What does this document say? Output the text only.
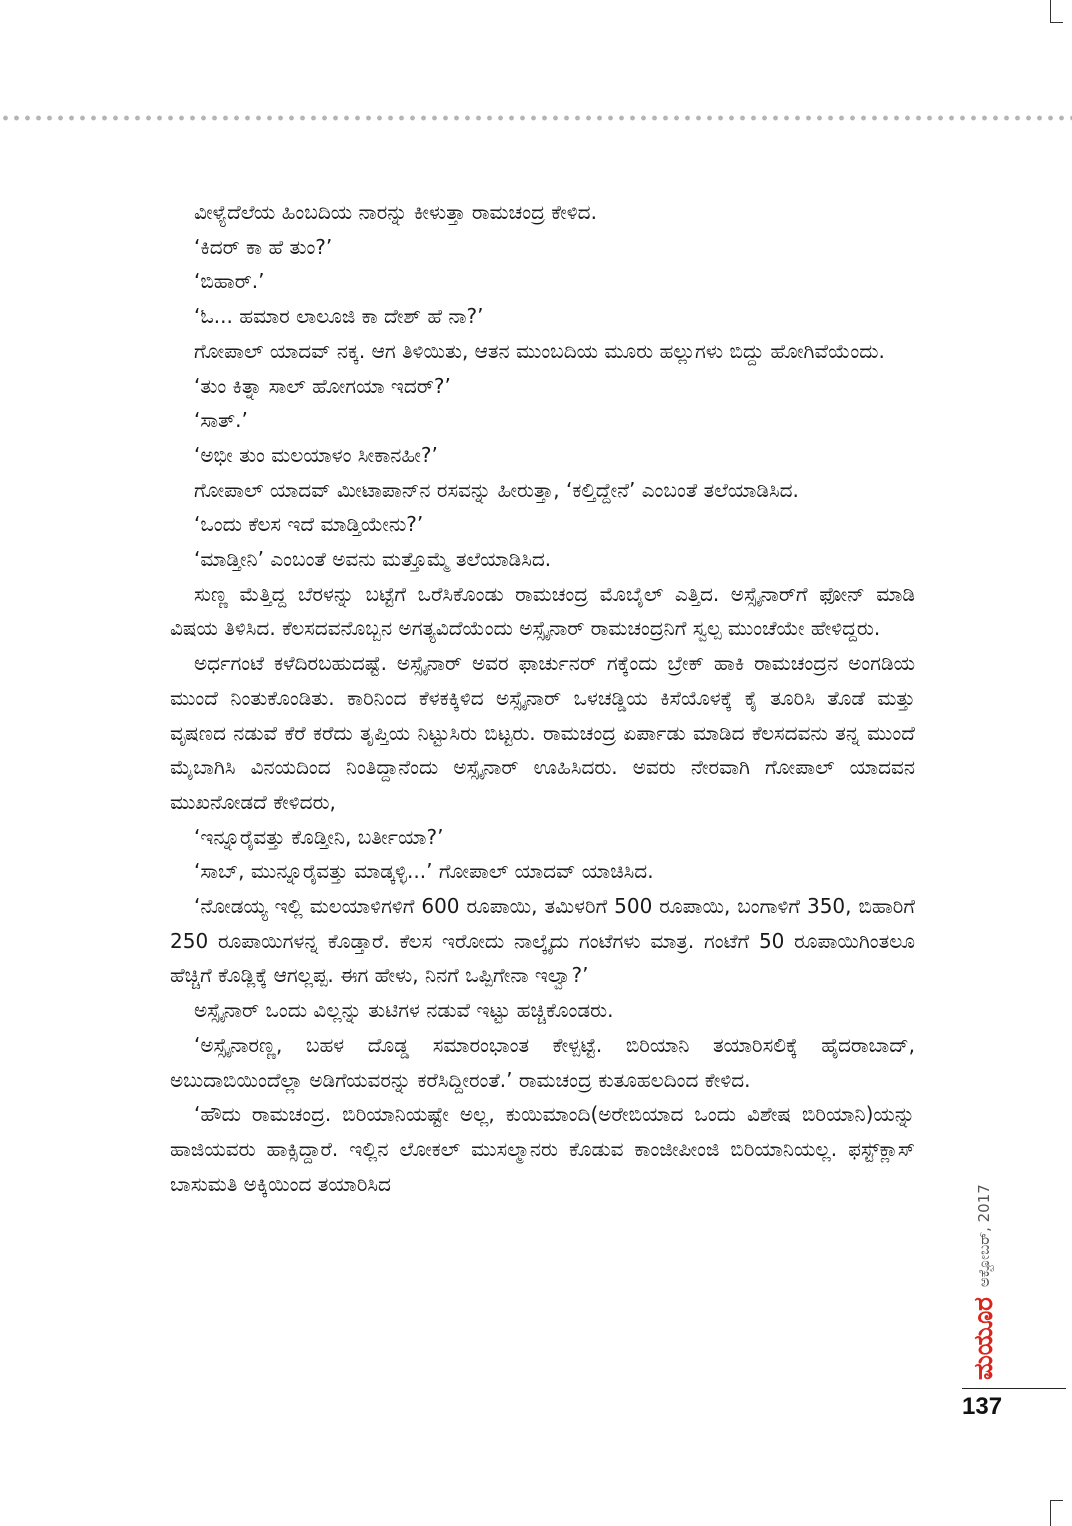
ವೀಳ್ಯೆದೆಲೆಯ ಹಿಂಬದಿಯ ನಾರನ್ನು ಕೀಳುತ್ತಾ ರಾಮಚಂದ್ರ ಕೇಳಿದ.

‘ಕಿದರ್ ಕಾ ಹೆ ತುಂ?’

‘ಬಿಹಾರ್.’

‘ಓ... ಹಮಾರ ಲಾಲೂಜಿ ಕಾ ದೇಶ್ ಹೆ ನಾ?’

ಗೋಪಾಲ್ ಯಾದವ್ ನಕ್ಕ. ಆಗ ತಿಳಿಯಿತು, ಆತನ ಮುಂಬದಿಯ ಮೂರು ಹಲ್ಲುಗಳು ಬಿದ್ದು ಹೋಗಿವೆಯೆಂದು.

‘ತುಂ ಕಿತ್ನಾ ಸಾಲ್ ಹೋಗಯಾ ಇದರ್?’

‘ಸಾತ್.’

‘ಅಭೀ ತುಂ ಮಲಯಾಳಂ ಸೀಕಾನಹೀ?’

ಗೋಪಾಲ್ ಯಾದವ್ ಮೀಟಾಪಾನ್‌ನ ರಸವನ್ನು ಹೀರುತ್ತಾ, ‘ಕಲ್ತಿದ್ದೇನೆ’ ಎಂಬಂತೆ ತಲೆಯಾಡಿಸಿದ.

‘ಒಂದು ಕೆಲಸ ಇದೆ ಮಾಡ್ತಿಯೇನು?’

‘ಮಾಡ್ತೀನಿ’ ಎಂಬಂತೆ ಅವನು ಮತ್ತೊಮ್ಮೆ ತಲೆಯಾಡಿಸಿದ.

ಸುಣ್ಣ ಮೆತ್ತಿದ್ದ ಬೆರಳನ್ನು ಬಟ್ಟೆಗೆ ಒರೆಸಿಕೊಂಡು ರಾಮಚಂದ್ರ ಮೊಬೈಲ್ ಎತ್ತಿದ. ಅಸ್ಸೈನಾರ್‌ಗೆ ಫೋನ್ ಮಾಡಿ ವಿಷಯ ತಿಳಿಸಿದ. ಕೆಲಸದವನೊಬ್ಬನ ಅಗತ್ಯವಿದೆಯೆಂದು ಅಸ್ಸೈನಾರ್ ರಾಮಚಂದ್ರನಿಗೆ ಸ್ವಲ್ಪ ಮುಂಚೆಯೇ ಹೇಳಿದ್ದರು.

ಅರ್ಧಗಂಟೆ ಕಳೆದಿರಬಹುದಷ್ಟೆ. ಅಸ್ಸೈನಾರ್ ಅವರ ಫಾರ್ಚುನರ್ ಗಕ್ಕೆಂದು ಬ್ರೇಕ್ ಹಾಕಿ ರಾಮಚಂದ್ರನ ಅಂಗಡಿಯ ಮುಂದೆ ನಿಂತುಕೊಂಡಿತು. ಕಾರಿನಿಂದ ಕೆಳಕಕ್ಕಿಳಿದ ಅಸ್ಸೈನಾರ್ ಒಳಚಡ್ಡಿಯ ಕಿಸೆಯೊಳಕ್ಕೆ ಕೈ ತೂರಿಸಿ ತೊಡೆ ಮತ್ತು ವೃಷಣದ ನಡುವೆ ಕೆರೆ ಕರೆದು ತೃಪ್ತಿಯ ನಿಟ್ಟುಸಿರು ಬಿಟ್ಟರು. ರಾಮಚಂದ್ರ ಏರ್ಪಾಡು ಮಾಡಿದ ಕೆಲಸದವನು ತನ್ನ ಮುಂದೆ ಮೈಬಾಗಿಸಿ ವಿನಯದಿಂದ ನಿಂತಿದ್ದಾನೆಂದು ಅಸ್ಸೈನಾರ್ ಊಹಿಸಿದರು. ಅವರು ನೇರವಾಗಿ ಗೋಪಾಲ್ ಯಾದವನ ಮುಖನೋಡದೆ ಕೇಳಿದರು,

‘ಇನ್ನೂರೈವತ್ತು ಕೊಡ್ತೀನಿ, ಬರ್ತೀಯಾ?’

‘ಸಾಬ್, ಮುನ್ನೂರೈವತ್ತು ಮಾಡ್ಕಳ್ಳಿ...’ ಗೋಪಾಲ್ ಯಾದವ್ ಯಾಚಿಸಿದ.

‘ನೋಡಯ್ಯ ಇಲ್ಲಿ ಮಲಯಾಳಿಗಳಿಗೆ 600 ರೂಪಾಯಿ, ತಮಿಳರಿಗೆ 500 ರೂಪಾಯಿ, ಬಂಗಾಳಿಗೆ 350, ಬಿಹಾರಿಗೆ 250 ರೂಪಾಯಿಗಳನ್ನ ಕೊಡ್ತಾರೆ. ಕೆಲಸ ಇರೋದು ನಾಲ್ಕೈದು ಗಂಟೆಗಳು ಮಾತ್ರ. ಗಂಟೆಗೆ 50 ರೂಪಾಯಿಗಿಂತಲೂ ಹೆಚ್ಚಿಗೆ ಕೊಡ್ಲಿಕ್ಕೆ ಆಗಲ್ಲಪ್ಪ. ಈಗ ಹೇಳು, ನಿನಗೆ ಒಪ್ಪಿಗೇನಾ ಇಲ್ವಾ?’

ಅಸ್ಸೈನಾರ್ ಒಂದು ವಿಲ್ಲನ್ನು ತುಟಿಗಳ ನಡುವೆ ಇಟ್ಟು ಹಚ್ಚಿಕೊಂಡರು.

‘ಅಸ್ಸೈನಾರಣ್ಣ, ಬಹಳ ದೊಡ್ಡ ಸಮಾರಂಭಾಂತ ಕೇಳ್ಪಟ್ಟೆ. ಬಿರಿಯಾನಿ ತಯಾರಿಸಲಿಕ್ಕೆ ಹೈದರಾಬಾದ್, ಅಬುದಾಬಿಯಿಂದೆಲ್ಲಾ ಅಡಿಗೆಯವರನ್ನು ಕರೆಸಿದ್ದೀರಂತೆ.’ ರಾಮಚಂದ್ರ ಕುತೂಹಲದಿಂದ ಕೇಳಿದ.

‘ಹೌದು ರಾಮಚಂದ್ರ. ಬಿರಿಯಾನಿಯಷ್ಟೇ ಅಲ್ಲ, ಕುಯಿಮಾಂದಿ(ಅರೇಬಿಯಾದ ಒಂದು ವಿಶೇಷ ಬಿರಿಯಾನಿ)ಯನ್ನು ಹಾಜಿಯವರು ಹಾಕ್ಸಿದ್ದಾರೆ. ಇಲ್ಲಿನ ಲೋಕಲ್ ಮುಸಲ್ಮಾನರು ಕೊಡುವ ಕಾಂಜೀಪೀಂಜಿ ಬಿರಿಯಾನಿಯಲ್ಲ. ಫಸ್ಟ್‌ಕ್ಲಾಸ್ ಬಾಸುಮತಿ ಅಕ್ಕಿಯಿಂದ ತಯಾರಿಸಿದ

ಮಯೂರ
ಅಕ್ಟೋಬರ್, 2017
137
